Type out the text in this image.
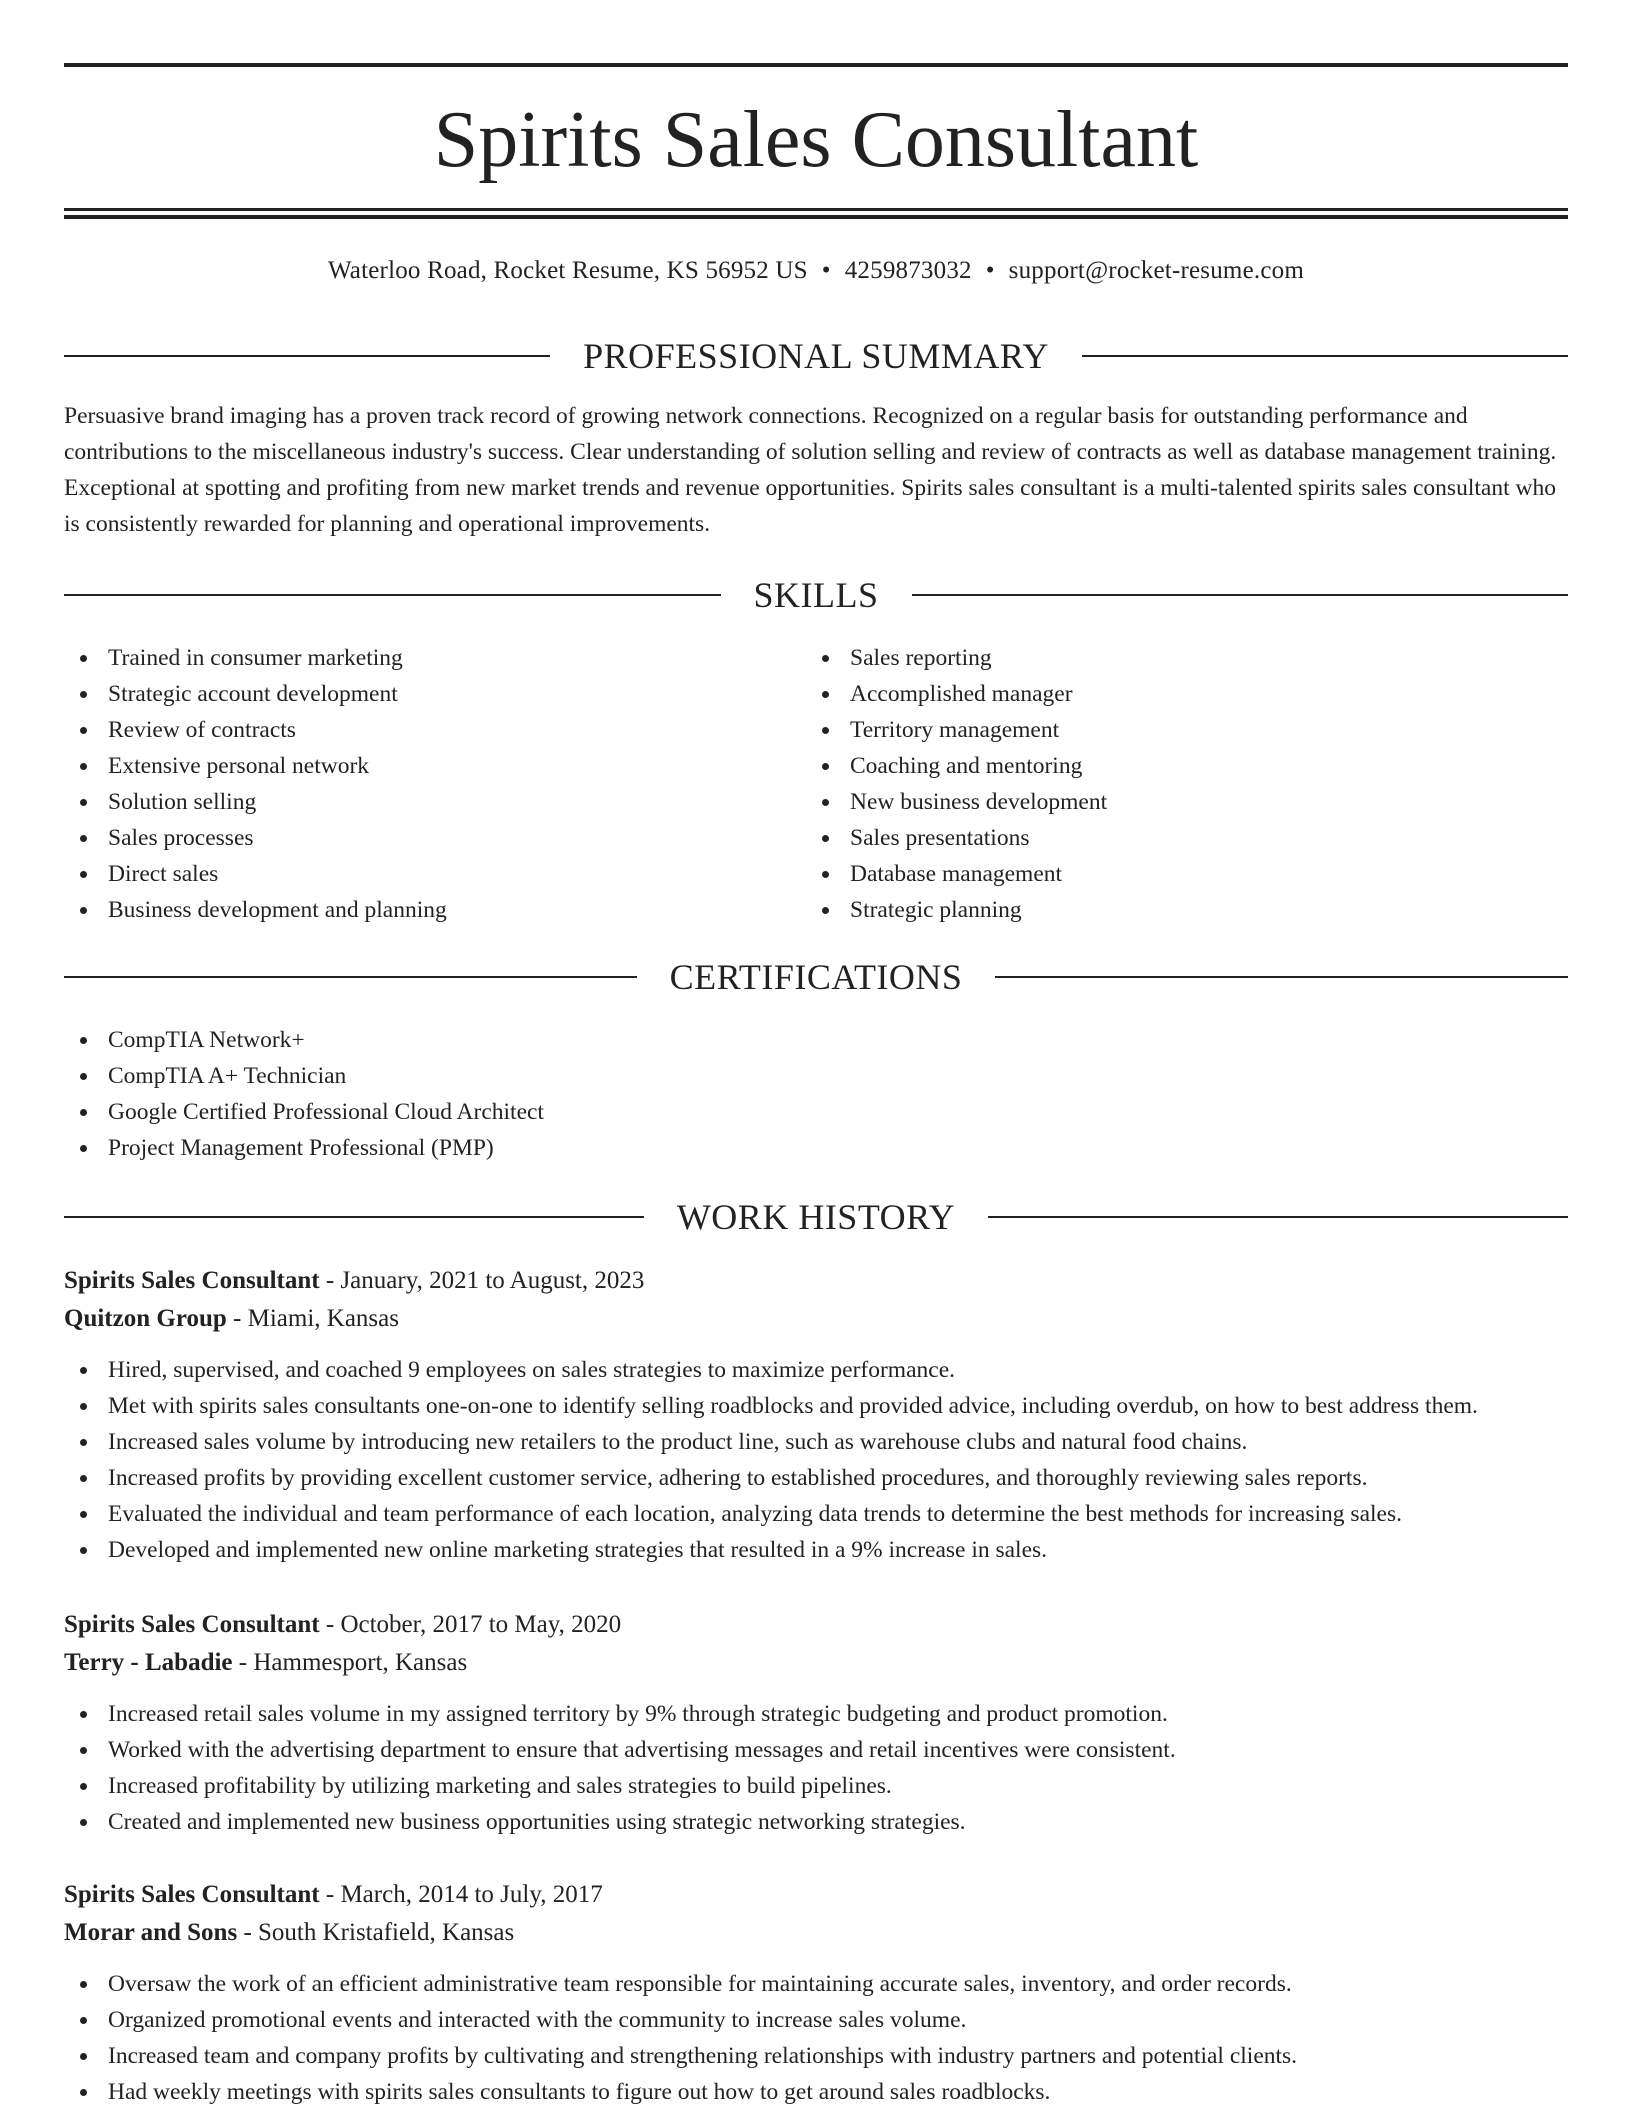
Spirits Sales Consultant
Waterloo Road, Rocket Resume, KS 56952 US • 4259873032 • support@rocket-resume.com
PROFESSIONAL SUMMARY

Persuasive brand imaging has a proven track record of growing network connections. Recognized on a regular basis for outstanding performance and contributions to the miscellaneous industry's success. Clear understanding of solution selling and review of contracts as well as database management training. Exceptional at spotting and profiting from new market trends and revenue opportunities. Spirits sales consultant is a multi-talented spirits sales consultant who is consistently rewarded for planning and operational improvements.

SKILLS
Trained in consumer marketing
Strategic account development
Review of contracts
Extensive personal network
Solution selling
Sales processes
Direct sales
Business development and planning
Sales reporting
Accomplished manager
Territory management
Coaching and mentoring
New business development
Sales presentations
Database management
Strategic planning
CERTIFICATIONS
CompTIA Network+
CompTIA A+ Technician
Google Certified Professional Cloud Architect
Project Management Professional (PMP)
WORK HISTORY
Spirits Sales Consultant - January, 2021 to August, 2023
Quitzon Group - Miami, Kansas
Hired, supervised, and coached 9 employees on sales strategies to maximize performance.
Met with spirits sales consultants one-on-one to identify selling roadblocks and provided advice, including overdub, on how to best address them.
Increased sales volume by introducing new retailers to the product line, such as warehouse clubs and natural food chains.
Increased profits by providing excellent customer service, adhering to established procedures, and thoroughly reviewing sales reports.
Evaluated the individual and team performance of each location, analyzing data trends to determine the best methods for increasing sales.
Developed and implemented new online marketing strategies that resulted in a 9% increase in sales.
Spirits Sales Consultant - October, 2017 to May, 2020
Terry - Labadie - Hammesport, Kansas
Increased retail sales volume in my assigned territory by 9% through strategic budgeting and product promotion.
Worked with the advertising department to ensure that advertising messages and retail incentives were consistent.
Increased profitability by utilizing marketing and sales strategies to build pipelines.
Created and implemented new business opportunities using strategic networking strategies.
Spirits Sales Consultant - March, 2014 to July, 2017
Morar and Sons - South Kristafield, Kansas
Oversaw the work of an efficient administrative team responsible for maintaining accurate sales, inventory, and order records.
Organized promotional events and interacted with the community to increase sales volume.
Increased team and company profits by cultivating and strengthening relationships with industry partners and potential clients.
Had weekly meetings with spirits sales consultants to figure out how to get around sales roadblocks.
